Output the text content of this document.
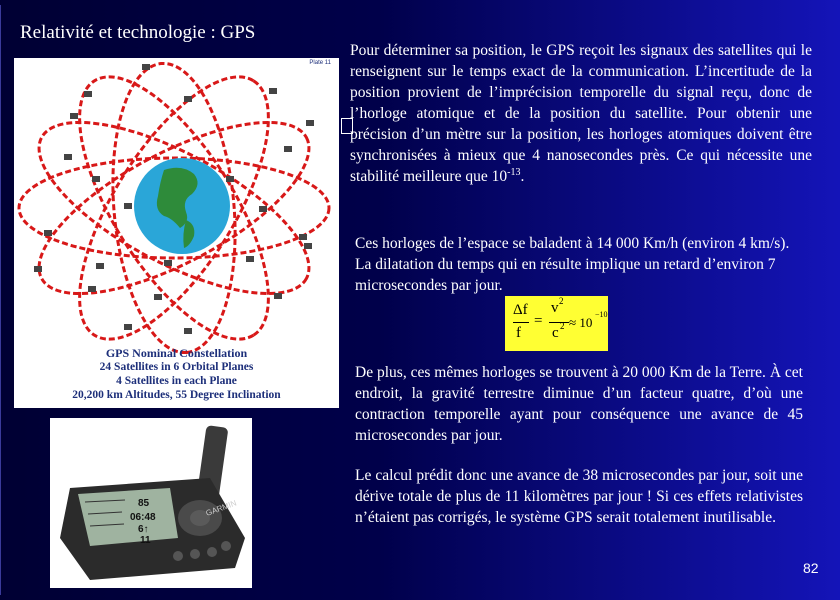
Relativité et technologie : GPS
Plate 11
GPS Nominal Constellation
24 Satellites in 6 Orbital Planes
4 Satellites in each Plane
20,200 km Altitudes, 55 Degree Inclination
GARMIN
85
06:48
6↑
11
Pour déterminer sa position, le GPS reçoit les signaux des satellites qui le renseignent sur le temps exact de la communication. L’incertitude de la position provient de l’imprécision temporelle du signal reçu, donc de l’horloge atomique et de la position du satellite. Pour obtenir une précision d’un mètre sur la position, les horloges atomiques doivent être synchronisées à mieux que 4 nanosecondes près. Ce qui nécessite une stabilité meilleure que $10^{-13}$.
Ces horloges de l’espace se baladent à 14 000 Km/h (environ 4 km/s). La dilatation du temps qui en résulte implique un retard d’environ 7 microsecondes par jour.
Δf
f
=
v 2
c 2 ≈ 10
−10
De plus, ces mêmes horloges se trouvent à 20 000 Km de la Terre. À cet endroit, la gravité terrestre diminue d’un facteur quatre, d’où une contraction temporelle ayant pour conséquence une avance de 45 microsecondes par jour.
Le calcul prédit donc une avance de 38 microsecondes par jour, soit une dérive totale de plus de 11 kilomètres par jour ! Si ces effets relativistes n’étaient pas corrigés, le système GPS serait totalement inutilisable.
82
